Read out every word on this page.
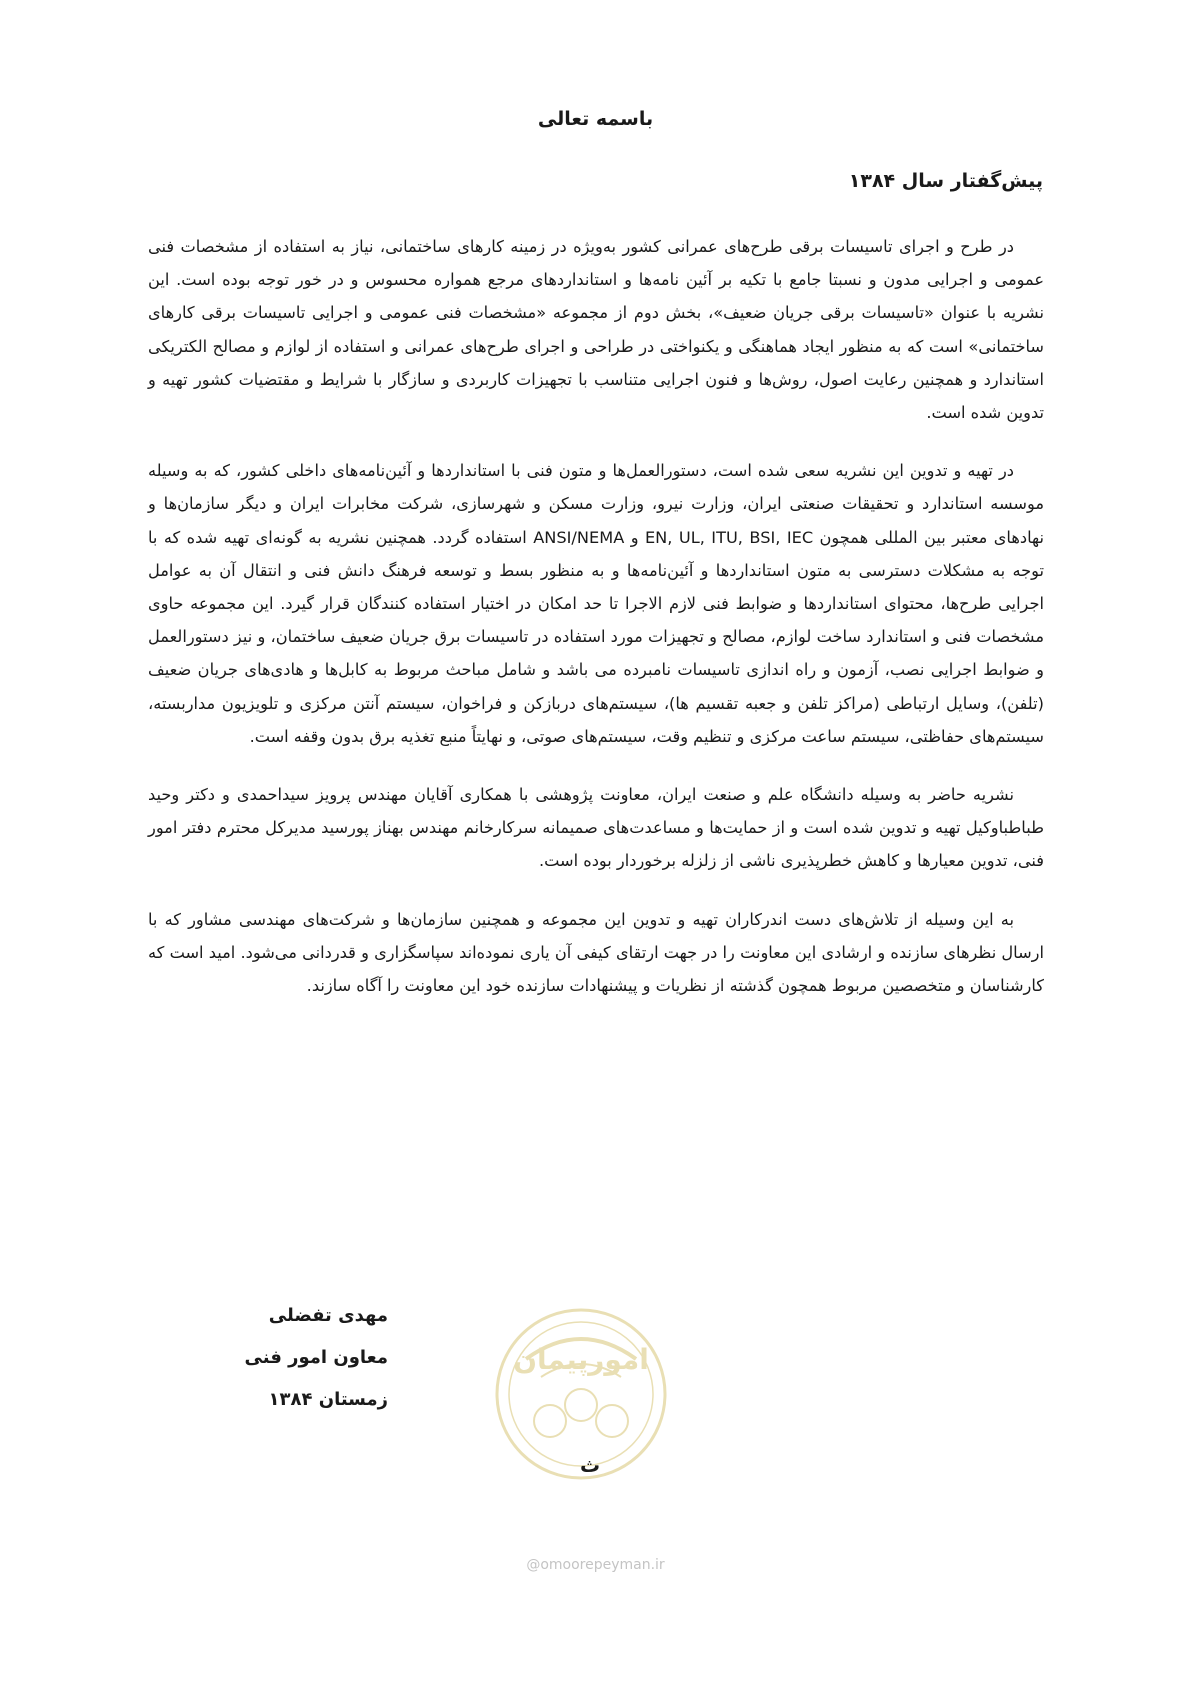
باسمه تعالی
پیش‌گفتار سال ۱۳۸۴

در طرح و اجرای تاسیسات برقی طرح‌های عمرانی کشور به‌ویژه در زمینه کارهای ساختمانی، نیاز به استفاده از مشخصات فنی عمومی و اجرایی مدون و نسبتا جامع با تکیه بر آئین نامه‌ها و استانداردهای مرجع همواره محسوس و در خور توجه بوده است. این نشریه با عنوان «تاسیسات برقی جریان ضعیف»، بخش دوم از مجموعه «مشخصات فنی عمومی و اجرایی تاسیسات برقی کارهای ساختمانی» است که به منظور ایجاد هماهنگی و یکنواختی در طراحی و اجرای طرح‌های عمرانی و استفاده از لوازم و مصالح الکتریکی استاندارد و همچنین رعایت اصول، روش‌ها و فنون اجرایی متناسب با تجهیزات کاربردی و سازگار با شرایط و مقتضیات کشور تهیه و تدوین شده است.

در تهیه و تدوین این نشریه سعی شده است، دستورالعمل‌ها و متون فنی با استانداردها و آئین‌نامه‌های داخلی کشور، که به وسیله موسسه استاندارد و تحقیقات صنعتی ایران، وزارت نیرو، وزارت مسکن و شهرسازی، شرکت مخابرات ایران و دیگر سازمان‌ها و نهادهای معتبر بین المللی همچون EN, UL, ITU, BSI, IEC و ANSI/NEMA استفاده گردد. همچنین نشریه به گونه‌ای تهیه شده که با توجه به مشکلات دسترسی به متون استانداردها و آئین‌نامه‌ها و به منظور بسط و توسعه فرهنگ دانش فنی و انتقال آن به عوامل اجرایی طرح‌ها، محتوای استانداردها و ضوابط فنی لازم الاجرا تا حد امکان در اختیار استفاده کنندگان قرار گیرد. این مجموعه حاوی مشخصات فنی و استاندارد ساخت لوازم، مصالح و تجهیزات مورد استفاده در تاسیسات برق جریان ضعیف ساختمان، و نیز دستورالعمل و ضوابط اجرایی نصب، آزمون و راه اندازی تاسیسات نامبرده می باشد و شامل مباحث مربوط به کابل‌ها و هادی‌های جریان ضعیف (تلفن)، وسایل ارتباطی (مراکز تلفن و جعبه تقسیم ها)، سیستم‌های دربازکن و فراخوان، سیستم آنتن مرکزی و تلویزیون مداربسته، سیستم‌های حفاظتی، سیستم ساعت مرکزی و تنظیم وقت، سیستم‌های صوتی، و نهایتاً منبع تغذیه برق بدون وقفه است.

نشریه حاضر به وسیله دانشگاه علم و صنعت ایران، معاونت پژوهشی با همکاری آقایان مهندس پرویز سیداحمدی و دکتر وحید طباطباوکیل تهیه و تدوین شده است و از حمایت‌ها و مساعدت‌های صمیمانه سرکارخانم مهندس بهناز پورسید مدیرکل محترم دفتر امور فنی، تدوین معیارها و کاهش خطرپذیری ناشی از زلزله برخوردار بوده است.

به این وسیله از تلاش‌های دست اندرکاران تهیه و تدوین این مجموعه و همچنین سازمان‌ها و شرکت‌های مهندسی مشاور که با ارسال نظرهای سازنده و ارشادی این معاونت را در جهت ارتقای کیفی آن یاری نموده‌اند سپاسگزاری و قدردانی می‌شود. امید است که کارشناسان و متخصصین مربوط همچون گذشته از نظریات و پیشنهادات سازنده خود این معاونت را آگاه سازند.

مهدی تفضلی
معاون امور فنی
زمستان ۱۳۸۴
امورپیمان
ث
@omoorepeyman.ir
